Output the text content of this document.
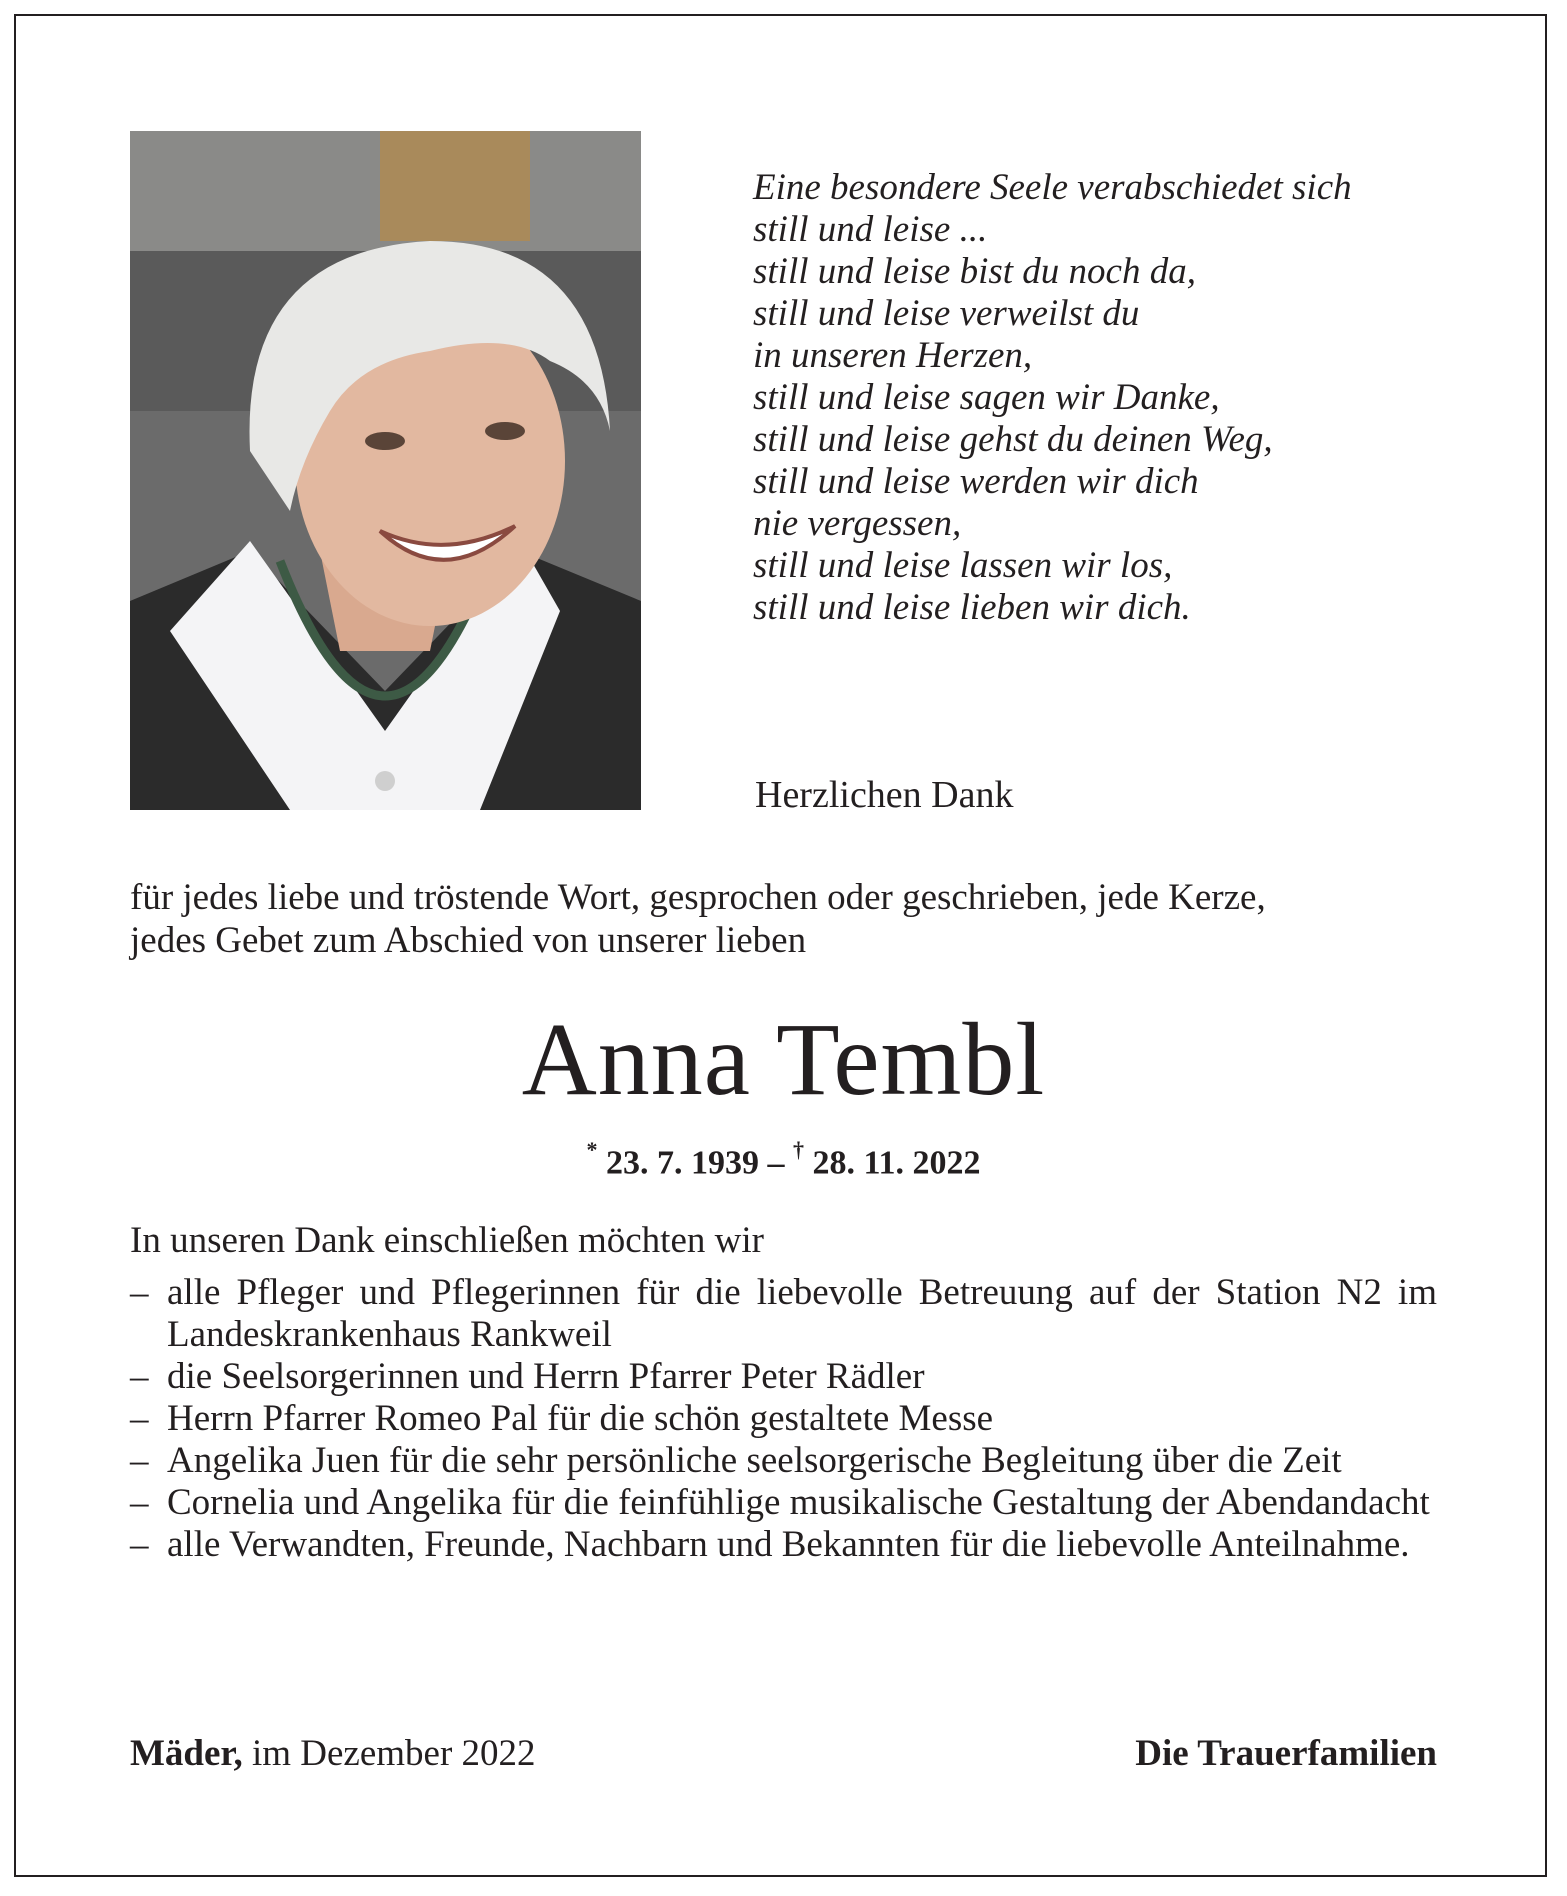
Eine besondere Seele verabschiedet sich
still und leise ...
still und leise bist du noch da,
still und leise verweilst du
in unseren Herzen,
still und leise sagen wir Danke,
still und leise gehst du deinen Weg,
still und leise werden wir dich
nie vergessen,
still und leise lassen wir los,
still und leise lieben wir dich.
Herzlichen Dank
für jedes liebe und tröstende Wort, gesprochen oder geschrieben, jede Kerze,
jedes Gebet zum Abschied von unserer lieben
Anna Tembl
* 23. 7. 1939 – † 28. 11. 2022
In unseren Dank einschließen möchten wir
– alle Pfleger und Pflegerinnen für die liebevolle Betreuung auf der Station N2 im Landeskrankenhaus Rankweil
– die Seelsorgerinnen und Herrn Pfarrer Peter Rädler
– Herrn Pfarrer Romeo Pal für die schön gestaltete Messe
– Angelika Juen für die sehr persönliche seelsorgerische Begleitung über die Zeit
– Cornelia und Angelika für die feinfühlige musikalische Gestaltung der Abendandacht
– alle Verwandten, Freunde, Nachbarn und Bekannten für die liebevolle Anteilnahme.
Mäder, im Dezember 2022	Die Trauerfamilien
